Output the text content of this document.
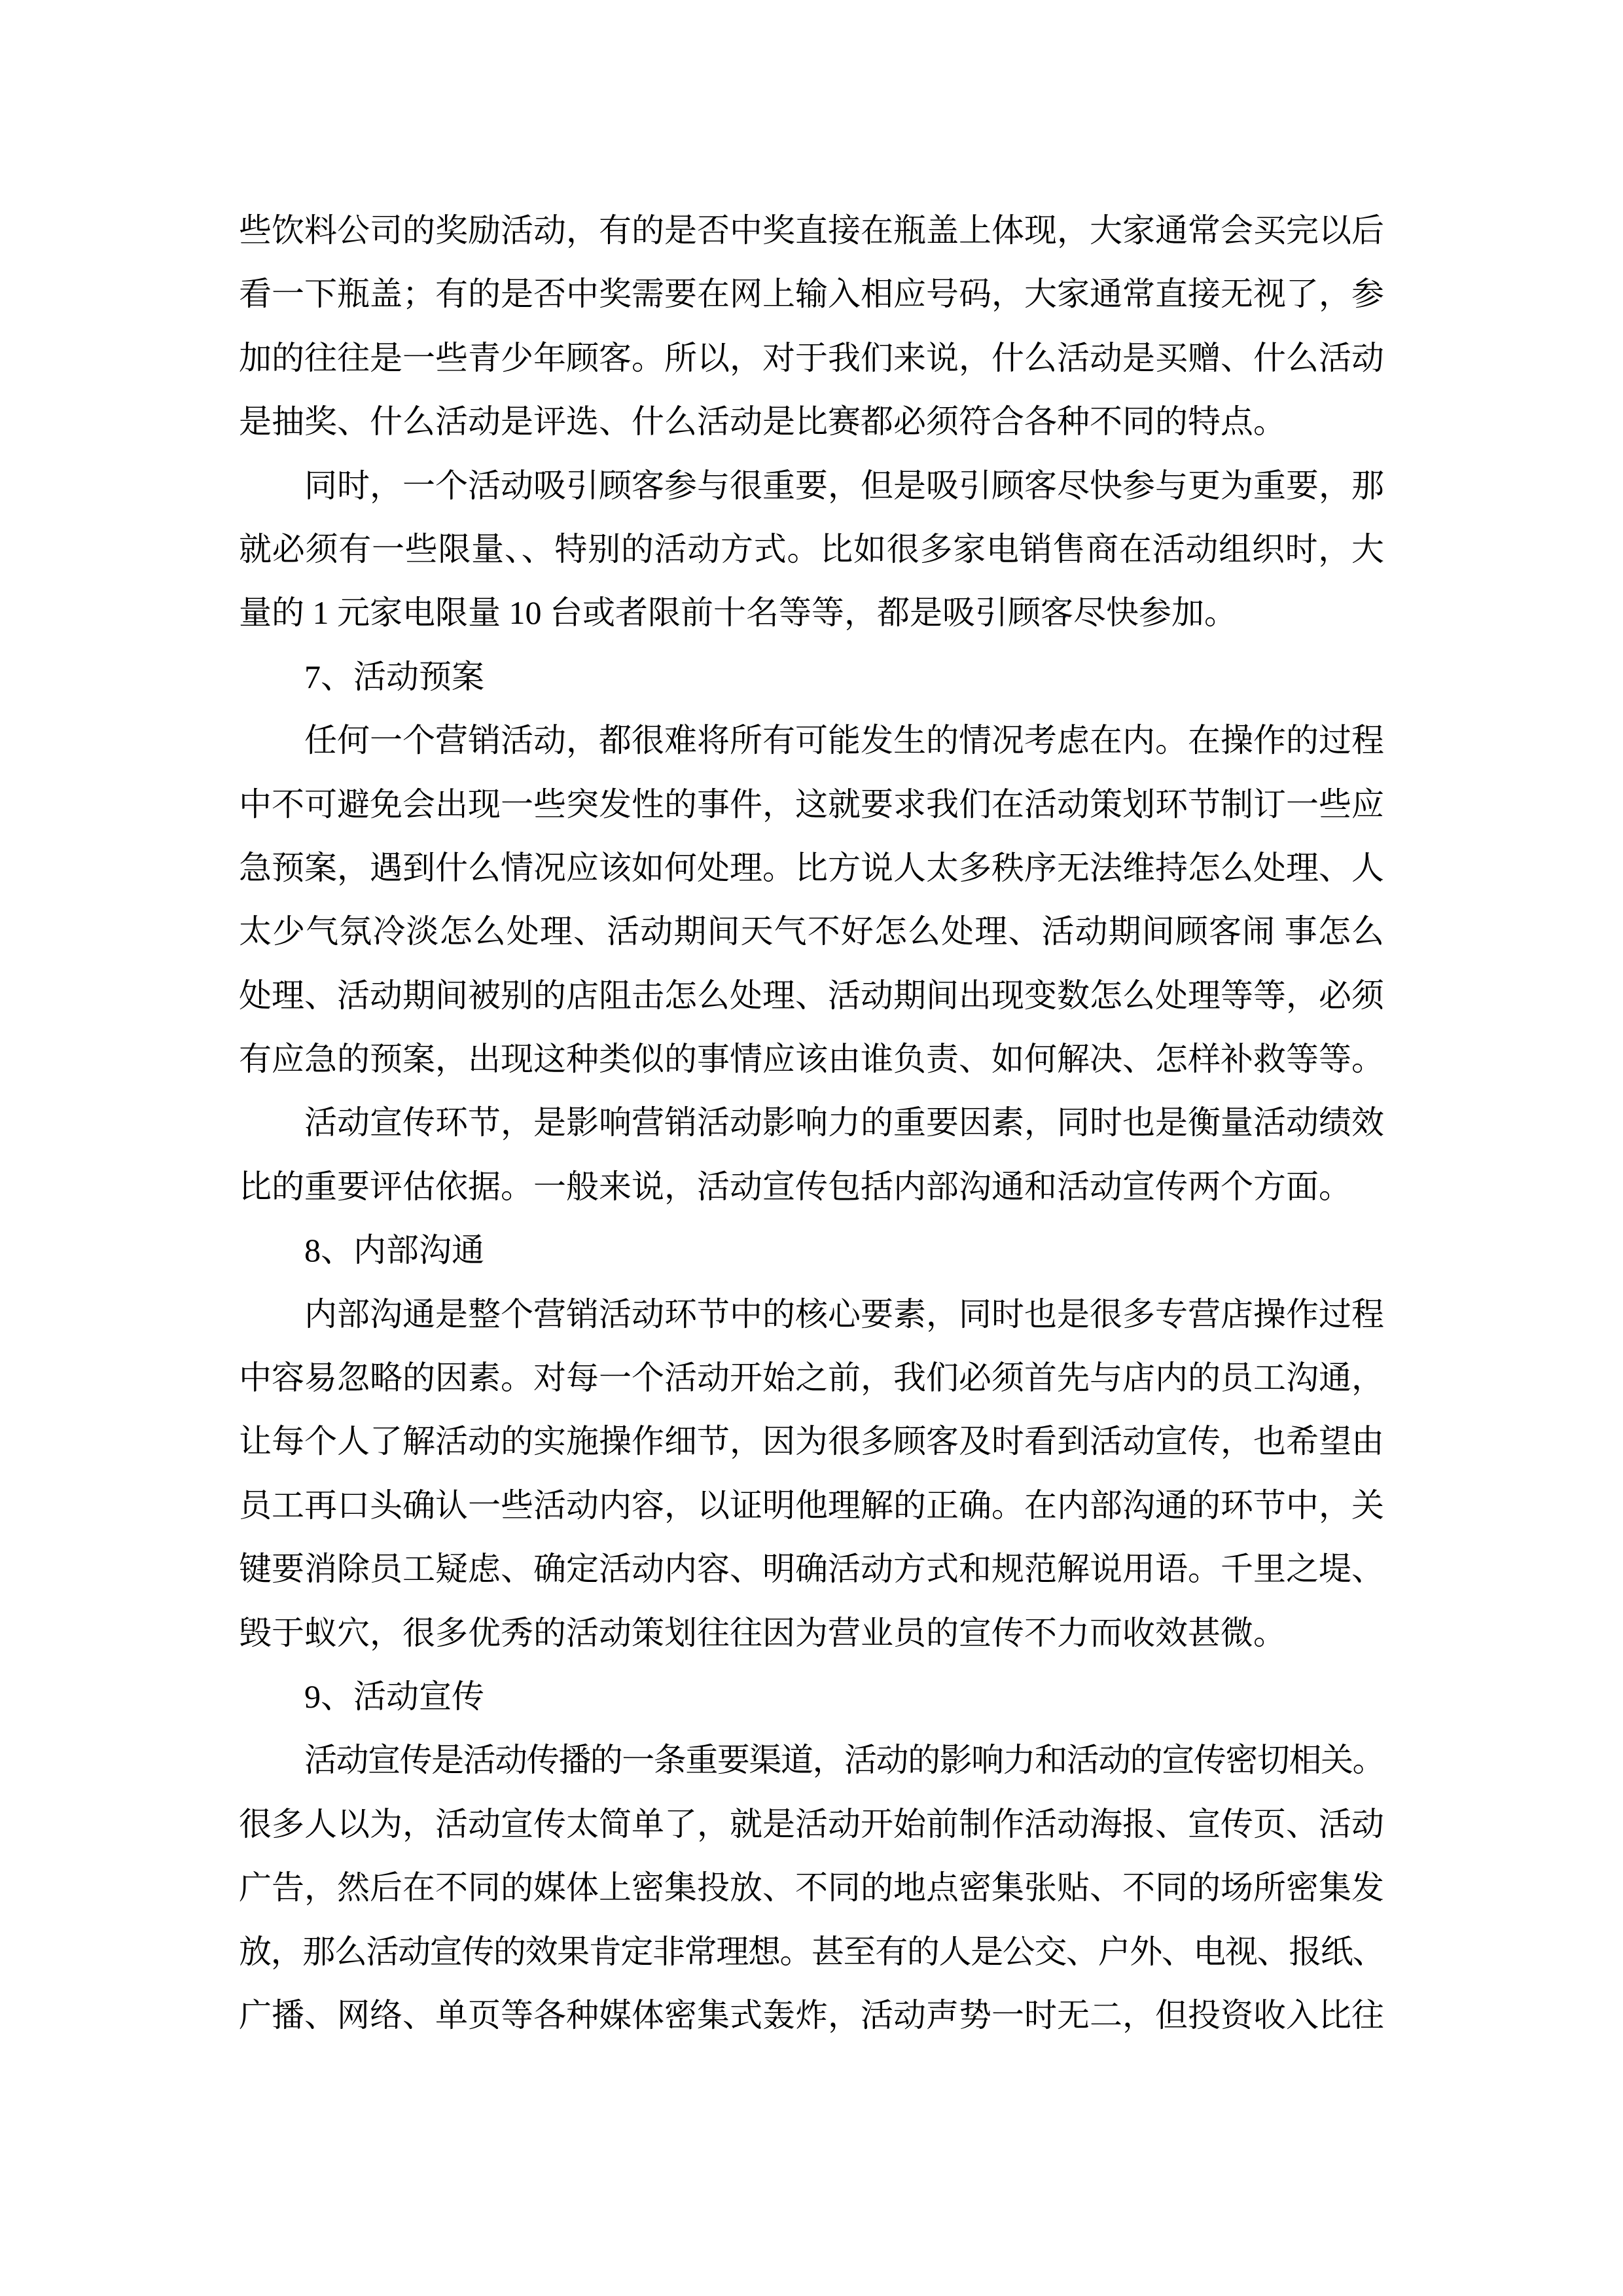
些饮料公司的奖励活动，有的是否中奖直接在瓶盖上体现，大家通常会买完以后
看一下瓶盖；有的是否中奖需要在网上输入相应号码，大家通常直接无视了，参
加的往往是一些青少年顾客。所以，对于我们来说，什么活动是买赠、什么活动
是抽奖、什么活动是评选、什么活动是比赛都必须符合各种不同的特点。
同时，一个活动吸引顾客参与很重要，但是吸引顾客尽快参与更为重要，那
就必须有一些限量、、特别的活动方式。比如很多家电销售商在活动组织时，大
量的 1 元家电限量 10 台或者限前十名等等，都是吸引顾客尽快参加。
7、活动预案
任何一个营销活动，都很难将所有可能发生的情况考虑在内。在操作的过程
中不可避免会出现一些突发性的事件，这就要求我们在活动策划环节制订一些应
急预案，遇到什么情况应该如何处理。比方说人太多秩序无法维持怎么处理、人
太少气氛冷淡怎么处理、活动期间天气不好怎么处理、活动期间顾客闹 事怎么
处理、活动期间被别的店阻击怎么处理、活动期间出现变数怎么处理等等，必须
有应急的预案，出现这种类似的事情应该由谁负责、如何解决、怎样补救等等。
活动宣传环节，是影响营销活动影响力的重要因素，同时也是衡量活动绩效
比的重要评估依据。一般来说，活动宣传包括内部沟通和活动宣传两个方面。
8、内部沟通
内部沟通是整个营销活动环节中的核心要素，同时也是很多专营店操作过程
中容易忽略的因素。对每一个活动开始之前，我们必须首先与店内的员工沟通，
让每个人了解活动的实施操作细节，因为很多顾客及时看到活动宣传，也希望由
员工再口头确认一些活动内容，以证明他理解的正确。在内部沟通的环节中，关
键要消除员工疑虑、确定活动内容、明确活动方式和规范解说用语。千里之堤、
毁于蚁穴，很多优秀的活动策划往往因为营业员的宣传不力而收效甚微。
9、活动宣传
活动宣传是活动传播的一条重要渠道，活动的影响力和活动的宣传密切相关。
很多人以为，活动宣传太简单了，就是活动开始前制作活动海报、宣传页、活动
广告，然后在不同的媒体上密集投放、不同的地点密集张贴、不同的场所密集发
放，那么活动宣传的效果肯定非常理想。甚至有的人是公交、户外、电视、报纸、
广播、网络、单页等各种媒体密集式轰炸，活动声势一时无二，但投资收入比往
